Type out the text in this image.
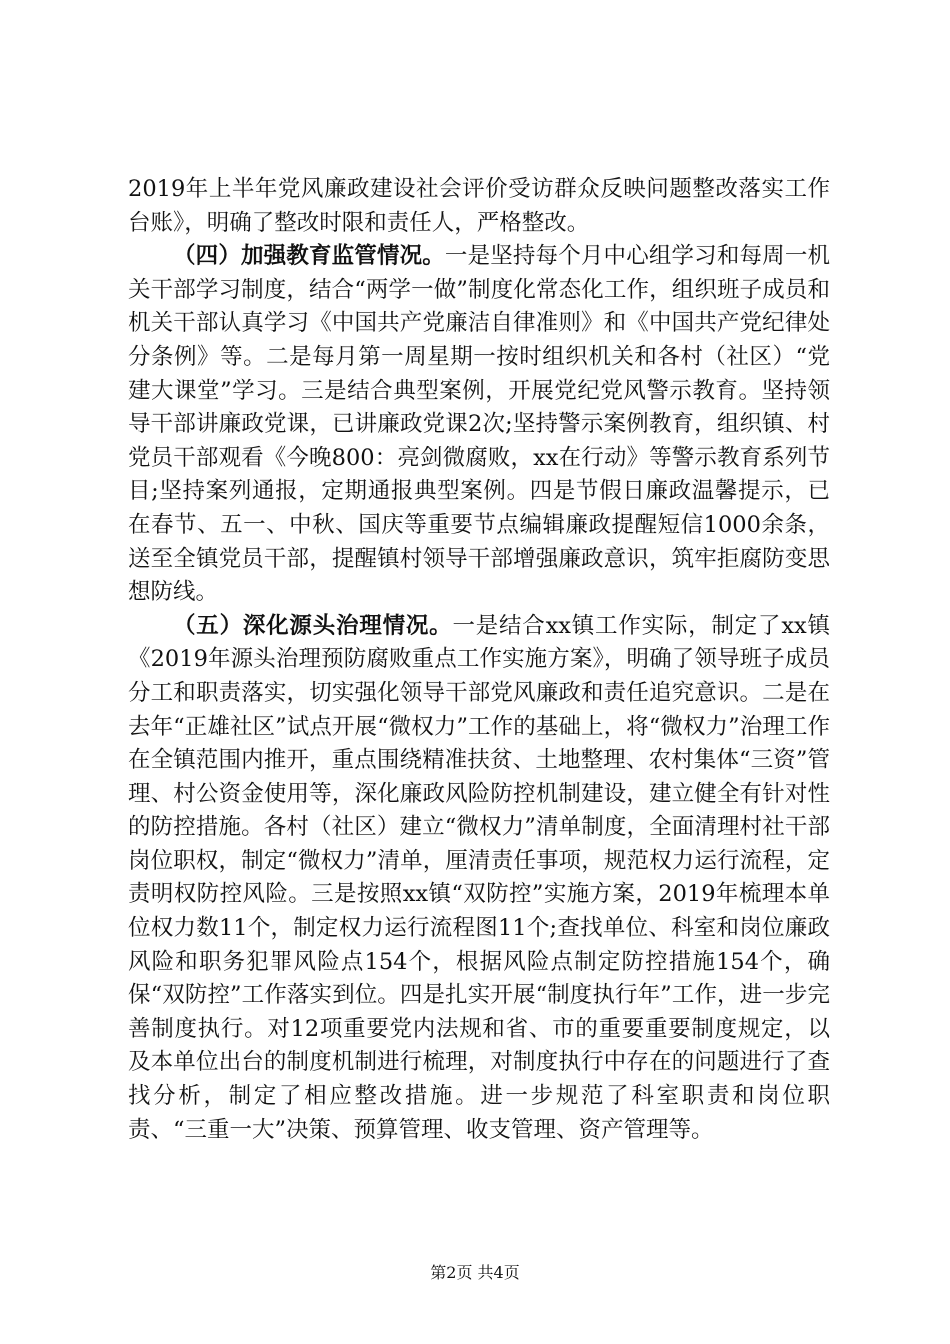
2019年上半年党风廉政建设社会评价受访群众反映问题整改落实工作台账》，明确了整改时限和责任人，严格整改。

（四）加强教育监管情况。一是坚持每个月中心组学习和每周一机关干部学习制度，结合“两学一做”制度化常态化工作，组织班子成员和机关干部认真学习《中国共产党廉洁自律准则》和《中国共产党纪律处分条例》等。二是每月第一周星期一按时组织机关和各村（社区）“党建大课堂”学习。三是结合典型案例，开展党纪党风警示教育。坚持领导干部讲廉政党课，已讲廉政党课2次;坚持警示案例教育，组织镇、村党员干部观看《今晚800：亮剑微腐败，xx在行动》等警示教育系列节目;坚持案列通报，定期通报典型案例。四是节假日廉政温馨提示，已在春节、五一、中秋、国庆等重要节点编辑廉政提醒短信1000余条，送至全镇党员干部，提醒镇村领导干部增强廉政意识，筑牢拒腐防变思想防线。

（五）深化源头治理情况。一是结合xx镇工作实际，制定了xx镇《2019年源头治理预防腐败重点工作实施方案》，明确了领导班子成员分工和职责落实，切实强化领导干部党风廉政和责任追究意识。二是在去年“正雄社区”试点开展“微权力”工作的基础上，将“微权力”治理工作在全镇范围内推开，重点围绕精准扶贫、土地整理、农村集体“三资”管理、村公资金使用等，深化廉政风险防控机制建设，建立健全有针对性的防控措施。各村（社区）建立“微权力”清单制度，全面清理村社干部岗位职权，制定“微权力”清单，厘清责任事项，规范权力运行流程，定责明权防控风险。三是按照xx镇“双防控”实施方案，2019年梳理本单位权力数11个，制定权力运行流程图11个;查找单位、科室和岗位廉政风险和职务犯罪风险点154个，根据风险点制定防控措施154个，确保“双防控”工作落实到位。四是扎实开展“制度执行年”工作，进一步完善制度执行。对12项重要党内法规和省、市的重要重要制度规定，以及本单位出台的制度机制进行梳理，对制度执行中存在的问题进行了查找分析，制定了相应整改措施。进一步规范了科室职责和岗位职责、“三重一大”决策、预算管理、收支管理、资产管理等。

第2页 共4页
